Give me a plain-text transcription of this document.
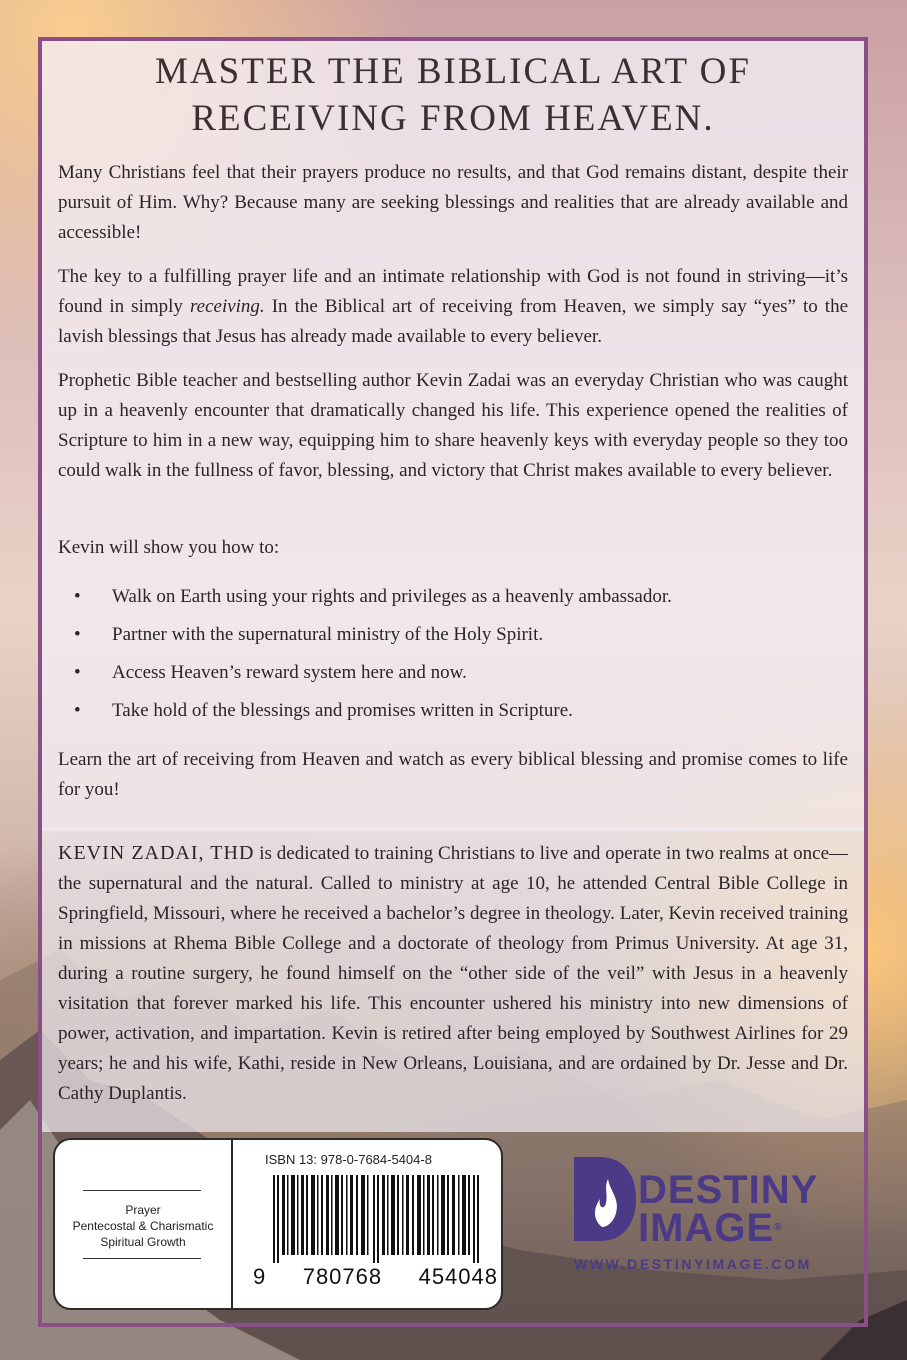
MASTER THE BIBLICAL ART OF
RECEIVING FROM HEAVEN.

Many Christians feel that their prayers produce no results, and that God remains distant, despite their pursuit of Him. Why? Because many are seeking blessings and realities that are already available and accessible!

The key to a fulfilling prayer life and an intimate relationship with God is not found in striving—it’s found in simply receiving. In the Biblical art of receiving from Heaven, we simply say “yes” to the lavish blessings that Jesus has already made available to every believer.

Prophetic Bible teacher and bestselling author Kevin Zadai was an everyday Christian who was caught up in a heavenly encounter that dramatically changed his life. This experience opened the realities of Scripture to him in a new way, equipping him to share heavenly keys with everyday people so they too could walk in the fullness of favor, blessing, and victory that Christ makes available to every believer.

Kevin will show you how to:

• Walk on Earth using your rights and privileges as a heavenly ambassador.
• Partner with the supernatural ministry of the Holy Spirit.
• Access Heaven’s reward system here and now.
• Take hold of the blessings and promises written in Scripture.

Learn the art of receiving from Heaven and watch as every biblical blessing and promise comes to life for you!

KEVIN ZADAI, THD is dedicated to training Christians to live and operate in two realms at once—the supernatural and the natural. Called to ministry at age 10, he attended Central Bible College in Springfield, Missouri, where he received a bachelor’s degree in theology. Later, Kevin received training in missions at Rhema Bible College and a doctorate of theology from Primus University. At age 31, during a routine surgery, he found himself on the “other side of the veil” with Jesus in a heavenly visitation that forever marked his life. This encounter ushered his ministry into new dimensions of power, activation, and impartation. Kevin is retired after being employed by Southwest Airlines for 29 years; he and his wife, Kathi, reside in New Orleans, Louisiana, and are ordained by Dr. Jesse and Dr. Cathy Duplantis.

Prayer
Pentecostal & Charismatic
Spiritual Growth
ISBN 13: 978-0-7684-5404-8
9 780768 454048
DESTINY
IMAGE®
WWW.DESTINYIMAGE.COM
